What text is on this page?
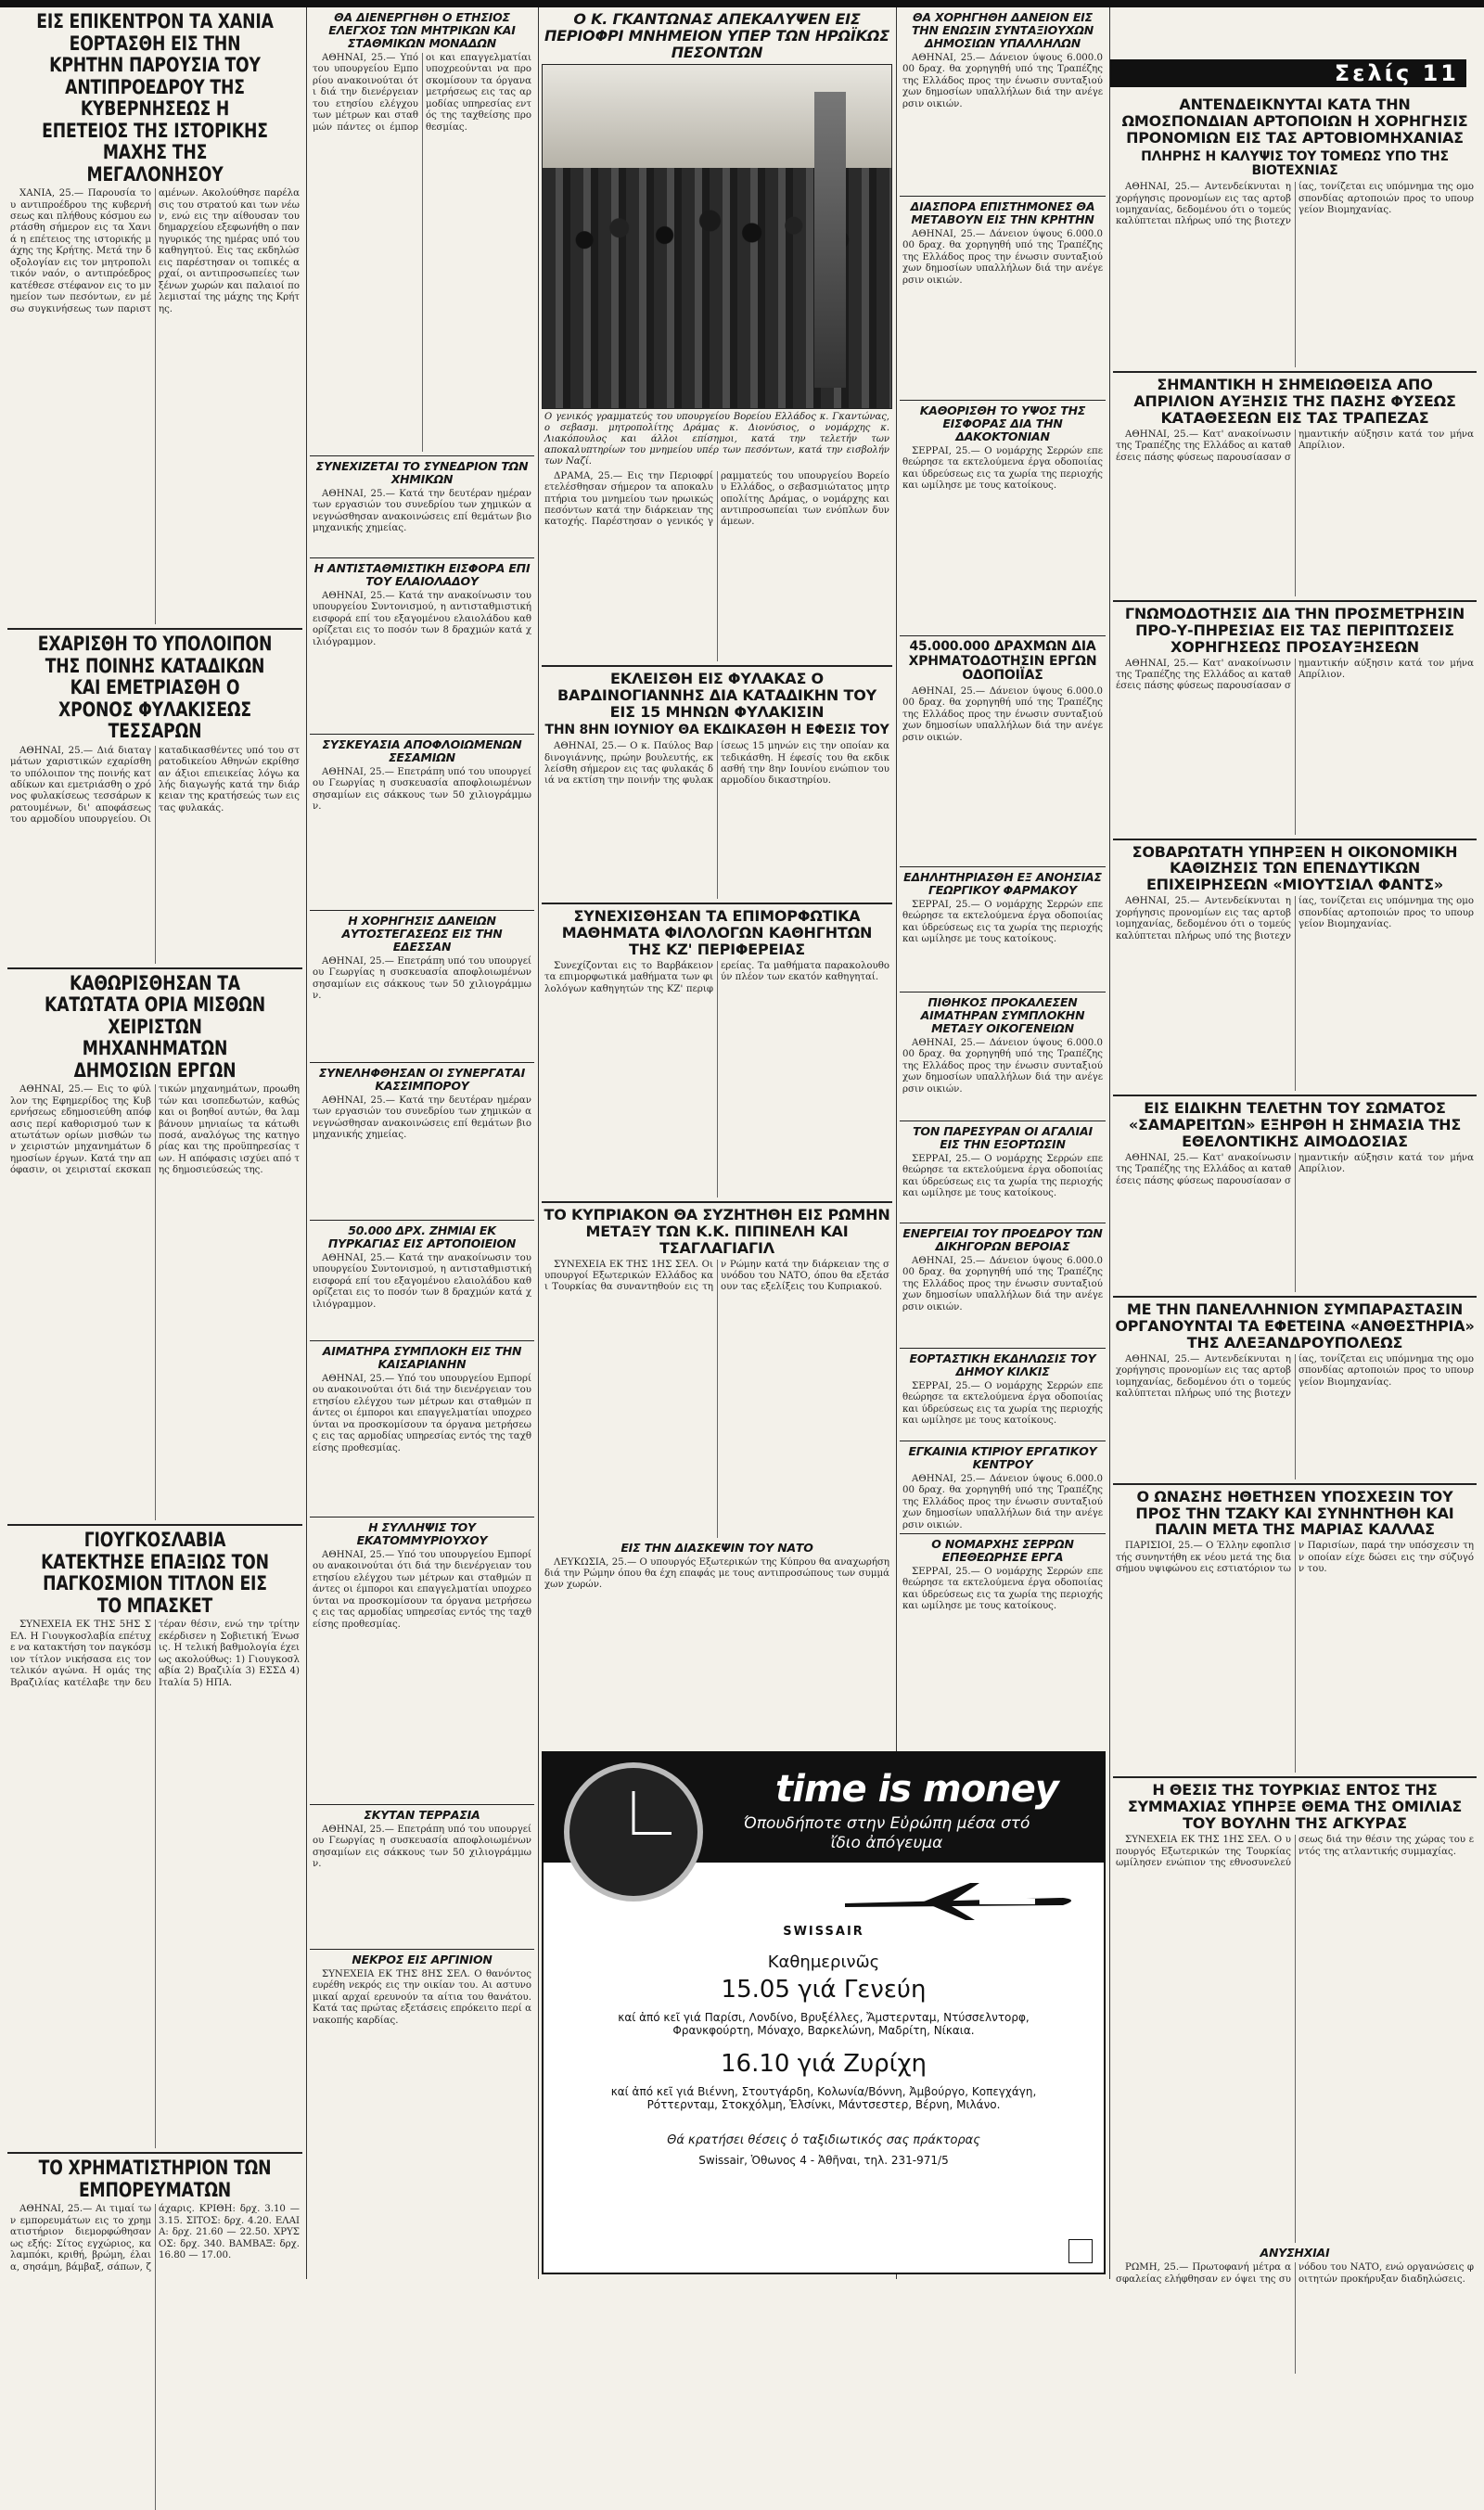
ΕΙΣ ΕΠΙΚΕΝΤΡΟΝ ΤΑ ΧΑΝΙΑ ΕΟΡΤΑΣΘΗ ΕΙΣ ΤΗΝ ΚΡΗΤΗΝ ΠΑΡΟΥΣΙΑ ΤΟΥ ΑΝΤΙΠΡΟΕΔΡΟΥ ΤΗΣ ΚΥΒΕΡΝΗΣΕΩΣ Η ΕΠΕΤΕΙΟΣ ΤΗΣ ΙΣΤΟΡΙΚΗΣ ΜΑΧΗΣ ΤΗΣ ΜΕΓΑΛΟΝΗΣΟΥ
ΧΑΝΙΑ, 25.— Παρουσία του αντιπροέδρου της κυβερνήσεως και πλήθους κόσμου εωρτάσθη σήμερον εις τα Χανιά η επέτειος της ιστορικής μάχης της Κρήτης. Μετά την δοξολογίαν εις τον μητροπολιτικόν ναόν, ο αντιπρόεδρος κατέθεσε στέφανον εις το μνημείον των πεσόντων, εν μέσω συγκινήσεως των παρισταμένων. Ακολούθησε παρέλασις του στρατού και των νέων, ενώ εις την αίθουσαν του δημαρχείου εξεφωνήθη ο πανηγυρικός της ημέρας υπό του καθηγητού. Εις τας εκδηλώσεις παρέστησαν οι τοπικές αρχαί, οι αντιπροσωπείες των ξένων χωρών και παλαιοί πολεμισταί της μάχης της Κρήτης.
ΕΧΑΡΙΣΘΗ ΤΟ ΥΠΟΛΟΙΠΟΝ ΤΗΣ ΠΟΙΝΗΣ ΚΑΤΑΔΙΚΩΝ ΚΑΙ ΕΜΕΤΡΙΑΣΘΗ Ο ΧΡΟΝΟΣ ΦΥΛΑΚΙΣΕΩΣ ΤΕΣΣΑΡΩΝ
ΑΘΗΝΑΙ, 25.— Διά διαταγμάτων χαριστικών εχαρίσθη το υπόλοιπον της ποινής καταδίκων και εμετριάσθη ο χρόνος φυλακίσεως τεσσάρων κρατουμένων, δι' αποφάσεως του αρμοδίου υπουργείου. Οι καταδικασθέντες υπό του στρατοδικείου Αθηνών εκρίθησαν άξιοι επιεικείας λόγω καλής διαγωγής κατά την διάρκειαν της κρατήσεώς των εις τας φυλακάς.
ΚΑΘΩΡΙΣΘΗΣΑΝ ΤΑ ΚΑΤΩΤΑΤΑ ΟΡΙΑ ΜΙΣΘΩΝ ΧΕΙΡΙΣΤΩΝ ΜΗΧΑΝΗΜΑΤΩΝ ΔΗΜΟΣΙΩΝ ΕΡΓΩΝ
ΑΘΗΝΑΙ, 25.— Εις το φύλλον της Εφημερίδος της Κυβερνήσεως εδημοσιεύθη απόφασις περί καθορισμού των κατωτάτων ορίων μισθών των χειριστών μηχανημάτων δημοσίων έργων. Κατά την απόφασιν, οι χειρισταί εκσκαπτικών μηχανημάτων, προωθητών και ισοπεδωτών, καθώς και οι βοηθοί αυτών, θα λαμβάνουν μηνιαίως τα κάτωθι ποσά, αναλόγως της κατηγορίας και της προϋπηρεσίας των. Η απόφασις ισχύει από της δημοσιεύσεώς της.
ΓΙΟΥΓΚΟΣΛΑΒΙΑ ΚΑΤΕΚΤΗΣΕ ΕΠΑΞΙΩΣ ΤΟΝ ΠΑΓΚΟΣΜΙΟΝ ΤΙΤΛΟΝ ΕΙΣ ΤΟ ΜΠΑΣΚΕΤ
ΣΥΝΕΧΕΙΑ ΕΚ ΤΗΣ 5ΗΣ ΣΕΛ. Η Γιουγκοσλαβία επέτυχε να κατακτήση τον παγκόσμιον τίτλον νικήσασα εις τον τελικόν αγώνα. Η ομάς της Βραζιλίας κατέλαβε την δευτέραν θέσιν, ενώ την τρίτην εκέρδισεν η Σοβιετική Ένωσις. Η τελική βαθμολογία έχει ως ακολούθως: 1) Γιουγκοσλαβία 2) Βραζιλία 3) ΕΣΣΔ 4) Ιταλία 5) ΗΠΑ.
ΤΟ ΧΡΗΜΑΤΙΣΤΗΡΙΟΝ ΤΩΝ ΕΜΠΟΡΕΥΜΑΤΩΝ
ΑΘΗΝΑΙ, 25.— Αι τιμαί των εμπορευμάτων εις το χρηματιστήριον διεμορφώθησαν ως εξής: Σίτος εγχώριος, καλαμπόκι, κριθή, βρώμη, έλαια, σησάμη, βάμβαξ, σάπων, ζάχαρις. ΚΡΙΘΗ: δρχ. 3.10 — 3.15. ΣΙΤΟΣ: δρχ. 4.20. ΕΛΑΙΑ: δρχ. 21.60 — 22.50. ΧΡΥΣΟΣ: δρχ. 340. ΒΑΜΒΑΞ: δρχ. 16.80 — 17.00.
ΘΑ ΔΙΕΝΕΡΓΗΘΗ Ο ΕΤΗΣΙΟΣ ΕΛΕΓΧΟΣ ΤΩΝ ΜΗΤΡΙΚΩΝ ΚΑΙ ΣΤΑΘΜΙΚΩΝ ΜΟΝΑΔΩΝ
ΑΘΗΝΑΙ, 25.— Υπό του υπουργείου Εμπορίου ανακοινούται ότι διά την διενέργειαν του ετησίου ελέγχου των μέτρων και σταθμών πάντες οι έμποροι και επαγγελματίαι υποχρεούνται να προσκομίσουν τα όργανα μετρήσεως εις τας αρμοδίας υπηρεσίας εντός της ταχθείσης προθεσμίας.
ΣΥΝΕΧΙΖΕΤΑΙ ΤΟ ΣΥΝΕΔΡΙΟΝ ΤΩΝ ΧΗΜΙΚΩΝ
ΑΘΗΝΑΙ, 25.— Κατά την δευτέραν ημέραν των εργασιών του συνεδρίου των χημικών ανεγνώσθησαν ανακοινώσεις επί θεμάτων βιομηχανικής χημείας.
Η ΑΝΤΙΣΤΑΘΜΙΣΤΙΚΗ ΕΙΣΦΟΡΑ ΕΠΙ ΤΟΥ ΕΛΑΙΟΛΑΔΟΥ
ΑΘΗΝΑΙ, 25.— Κατά την ανακοίνωσιν του υπουργείου Συντονισμού, η αντισταθμιστική εισφορά επί του εξαγομένου ελαιολάδου καθορίζεται εις το ποσόν των 8 δραχμών κατά χιλιόγραμμον.
ΣΥΣΚΕΥΑΣΙΑ ΑΠΟΦΛΟΙΩΜΕΝΩΝ ΣΕΣΑΜΙΩΝ
ΑΘΗΝΑΙ, 25.— Επετράπη υπό του υπουργείου Γεωργίας η συσκευασία αποφλοιωμένων σησαμίων εις σάκκους των 50 χιλιογράμμων.
Η ΧΟΡΗΓΗΣΙΣ ΔΑΝΕΙΩΝ ΑΥΤΟΣΤΕΓΑΣΕΩΣ ΕΙΣ ΤΗΝ ΕΔΕΣΣΑΝ
ΑΘΗΝΑΙ, 25.— Επετράπη υπό του υπουργείου Γεωργίας η συσκευασία αποφλοιωμένων σησαμίων εις σάκκους των 50 χιλιογράμμων.
ΣΥΝΕΛΗΦΘΗΣΑΝ ΟΙ ΣΥΝΕΡΓΑΤΑΙ ΚΑΣΣΙΜΠΟΡΟΥ
ΑΘΗΝΑΙ, 25.— Κατά την δευτέραν ημέραν των εργασιών του συνεδρίου των χημικών ανεγνώσθησαν ανακοινώσεις επί θεμάτων βιομηχανικής χημείας.
50.000 ΔΡΧ. ΖΗΜΙΑΙ ΕΚ ΠΥΡΚΑΓΙΑΣ ΕΙΣ ΑΡΤΟΠΟΙΕΙΟΝ
ΑΘΗΝΑΙ, 25.— Κατά την ανακοίνωσιν του υπουργείου Συντονισμού, η αντισταθμιστική εισφορά επί του εξαγομένου ελαιολάδου καθορίζεται εις το ποσόν των 8 δραχμών κατά χιλιόγραμμον.
ΑΙΜΑΤΗΡΑ ΣΥΜΠΛΟΚΗ ΕΙΣ ΤΗΝ ΚΑΙΣΑΡΙΑΝΗΝ
ΑΘΗΝΑΙ, 25.— Υπό του υπουργείου Εμπορίου ανακοινούται ότι διά την διενέργειαν του ετησίου ελέγχου των μέτρων και σταθμών πάντες οι έμποροι και επαγγελματίαι υποχρεούνται να προσκομίσουν τα όργανα μετρήσεως εις τας αρμοδίας υπηρεσίας εντός της ταχθείσης προθεσμίας.
Η ΣΥΛΛΗΨΙΣ ΤΟΥ ΕΚΑΤΟΜΜΥΡΙΟΥΧΟΥ
ΑΘΗΝΑΙ, 25.— Υπό του υπουργείου Εμπορίου ανακοινούται ότι διά την διενέργειαν του ετησίου ελέγχου των μέτρων και σταθμών πάντες οι έμποροι και επαγγελματίαι υποχρεούνται να προσκομίσουν τα όργανα μετρήσεως εις τας αρμοδίας υπηρεσίας εντός της ταχθείσης προθεσμίας.
ΣΚΥΤΑΝ ΤΕΡΡΑΣΙΑ
ΑΘΗΝΑΙ, 25.— Επετράπη υπό του υπουργείου Γεωργίας η συσκευασία αποφλοιωμένων σησαμίων εις σάκκους των 50 χιλιογράμμων.
ΝΕΚΡΟΣ ΕΙΣ ΑΡΓΙΝΙΟΝ
ΣΥΝΕΧΕΙΑ ΕΚ ΤΗΣ 8ΗΣ ΣΕΛ. Ο θανόντος ευρέθη νεκρός εις την οικίαν του. Αι αστυνομικαί αρχαί ερευνούν τα αίτια του θανάτου. Κατά τας πρώτας εξετάσεις επρόκειτο περί ανακοπής καρδίας.
Ο Κ. ΓΚΑΝΤΩΝΑΣ ΑΠΕΚΑΛΥΨΕΝ ΕΙΣ ΠΕΡΙΟΦΡΙ ΜΝΗΜΕΙΟΝ ΥΠΕΡ ΤΩΝ ΗΡΩΪΚΩΣ ΠΕΣΟΝΤΩΝ
Ο γενικός γραμματεύς του υπουργείου Βορείου Ελλάδος κ. Γκαντώνας, ο σεβασμ. μητροπολίτης Δράμας κ. Διονύσιος, ο νομάρχης κ. Λιακόπουλος και άλλοι επίσημοι, κατά την τελετήν των αποκαλυπτηρίων του μνημείου υπέρ των πεσόντων, κατά την εισβολήν των Ναζί.
ΔΡΑΜΑ, 25.— Εις την Περιοφρί ετελέσθησαν σήμερον τα αποκαλυπτήρια του μνημείου των ηρωικώς πεσόντων κατά την διάρκειαν της κατοχής. Παρέστησαν ο γενικός γραμματεύς του υπουργείου Βορείου Ελλάδος, ο σεβασμιώτατος μητροπολίτης Δράμας, ο νομάρχης και αντιπροσωπείαι των ενόπλων δυνάμεων.
ΕΚΛΕΙΣΘΗ ΕΙΣ ΦΥΛΑΚΑΣ Ο ΒΑΡΔΙΝΟΓΙΑΝΝΗΣ ΔΙΑ ΚΑΤΑΔΙΚΗΝ ΤΟΥ ΕΙΣ 15 ΜΗΝΩΝ ΦΥΛΑΚΙΣΙΝ
ΤΗΝ 8ΗΝ ΙΟΥΝΙΟΥ ΘΑ ΕΚΔΙΚΑΣΘΗ Η ΕΦΕΣΙΣ ΤΟΥ
ΑΘΗΝΑΙ, 25.— Ο κ. Παύλος Βαρδινογιάννης, πρώην βουλευτής, εκλείσθη σήμερον εις τας φυλακάς διά να εκτίση την ποινήν της φυλακίσεως 15 μηνών εις την οποίαν κατεδικάσθη. Η έφεσίς του θα εκδικασθή την 8ην Ιουνίου ενώπιον του αρμοδίου δικαστηρίου.
ΣΥΝΕΧΙΣΘΗΣΑΝ ΤΑ ΕΠΙΜΟΡΦΩΤΙΚΑ ΜΑΘΗΜΑΤΑ ΦΙΛΟΛΟΓΩΝ ΚΑΘΗΓΗΤΩΝ ΤΗΣ ΚΖ' ΠΕΡΙΦΕΡΕΙΑΣ
Συνεχίζονται εις το Βαρβάκειον τα επιμορφωτικά μαθήματα των φιλολόγων καθηγητών της ΚΖ' περιφερείας. Τα μαθήματα παρακολουθούν πλέον των εκατόν καθηγηταί.
ΤΟ ΚΥΠΡΙΑΚΟΝ ΘΑ ΣΥΖΗΤΗΘΗ ΕΙΣ ΡΩΜΗΝ ΜΕΤΑΞΥ ΤΩΝ Κ.Κ. ΠΙΠΙΝΕΛΗ ΚΑΙ ΤΣΑΓΛΑΓΙΑΓΙΛ
ΣΥΝΕΧΕΙΑ ΕΚ ΤΗΣ 1ΗΣ ΣΕΛ. Οι υπουργοί Εξωτερικών Ελλάδος και Τουρκίας θα συναντηθούν εις την Ρώμην κατά την διάρκειαν της συνόδου του ΝΑΤΟ, όπου θα εξετάσουν τας εξελίξεις του Κυπριακού.
ΕΙΣ ΤΗΝ ΔΙΑΣΚΕΨΙΝ ΤΟΥ ΝΑΤΟ
ΛΕΥΚΩΣΙΑ, 25.— Ο υπουργός Εξωτερικών της Κύπρου θα αναχωρήση διά την Ρώμην όπου θα έχη επαφάς με τους αντιπροσώπους των συμμάχων χωρών.
ΘΑ ΧΟΡΗΓΗΘΗ ΔΑΝΕΙΟΝ ΕΙΣ ΤΗΝ ΕΝΩΣΙΝ ΣΥΝΤΑΞΙΟΥΧΩΝ ΔΗΜΟΣΙΩΝ ΥΠΑΛΛΗΛΩΝ
ΑΘΗΝΑΙ, 25.— Δάνειον ύψους 6.000.000 δραχ. θα χορηγηθή υπό της Τραπέζης της Ελλάδος προς την ένωσιν συνταξιούχων δημοσίων υπαλλήλων διά την ανέγερσιν οικιών.
ΔΙΑΣΠΟΡΑ ΕΠΙΣΤΗΜΟΝΕΣ ΘΑ ΜΕΤΑΒΟΥΝ ΕΙΣ ΤΗΝ ΚΡΗΤΗΝ
ΑΘΗΝΑΙ, 25.— Δάνειον ύψους 6.000.000 δραχ. θα χορηγηθή υπό της Τραπέζης της Ελλάδος προς την ένωσιν συνταξιούχων δημοσίων υπαλλήλων διά την ανέγερσιν οικιών.
ΚΑΘΟΡΙΣΘΗ ΤΟ ΥΨΟΣ ΤΗΣ ΕΙΣΦΟΡΑΣ ΔΙΑ ΤΗΝ ΔΑΚΟΚΤΟΝΙΑΝ
ΣΕΡΡΑΙ, 25.— Ο νομάρχης Σερρών επεθεώρησε τα εκτελούμενα έργα οδοποιίας και ύδρεύσεως εις τα χωρία της περιοχής και ωμίλησε με τους κατοίκους.
45.000.000 ΔΡΑΧΜΩΝ ΔΙΑ ΧΡΗΜΑΤΟΔΟΤΗΣΙΝ ΕΡΓΩΝ ΟΔΟΠΟΙΪΑΣ
ΑΘΗΝΑΙ, 25.— Δάνειον ύψους 6.000.000 δραχ. θα χορηγηθή υπό της Τραπέζης της Ελλάδος προς την ένωσιν συνταξιούχων δημοσίων υπαλλήλων διά την ανέγερσιν οικιών.
ΕΔΗΛΗΤΗΡΙΑΣΘΗ ΕΞ ΑΝΟΗΣΙΑΣ ΓΕΩΡΓΙΚΟΥ ΦΑΡΜΑΚΟΥ
ΣΕΡΡΑΙ, 25.— Ο νομάρχης Σερρών επεθεώρησε τα εκτελούμενα έργα οδοποιίας και ύδρεύσεως εις τα χωρία της περιοχής και ωμίλησε με τους κατοίκους.
ΠΙΘΗΚΟΣ ΠΡΟΚΑΛΕΣΕΝ ΑΙΜΑΤΗΡΑΝ ΣΥΜΠΛΟΚΗΝ ΜΕΤΑΞΥ ΟΙΚΟΓΕΝΕΙΩΝ
ΑΘΗΝΑΙ, 25.— Δάνειον ύψους 6.000.000 δραχ. θα χορηγηθή υπό της Τραπέζης της Ελλάδος προς την ένωσιν συνταξιούχων δημοσίων υπαλλήλων διά την ανέγερσιν οικιών.
ΤΟΝ ΠΑΡΕΣΥΡΑΝ ΟΙ ΑΓΑΛΙΑΙ ΕΙΣ ΤΗΝ ΕΞΟΡΤΩΣΙΝ
ΣΕΡΡΑΙ, 25.— Ο νομάρχης Σερρών επεθεώρησε τα εκτελούμενα έργα οδοποιίας και ύδρεύσεως εις τα χωρία της περιοχής και ωμίλησε με τους κατοίκους.
ΕΝΕΡΓΕΙΑΙ ΤΟΥ ΠΡΟΕΔΡΟΥ ΤΩΝ ΔΙΚΗΓΟΡΩΝ ΒΕΡΟΙΑΣ
ΑΘΗΝΑΙ, 25.— Δάνειον ύψους 6.000.000 δραχ. θα χορηγηθή υπό της Τραπέζης της Ελλάδος προς την ένωσιν συνταξιούχων δημοσίων υπαλλήλων διά την ανέγερσιν οικιών.
ΕΟΡΤΑΣΤΙΚΗ ΕΚΔΗΛΩΣΙΣ ΤΟΥ ΔΗΜΟΥ ΚΙΛΚΙΣ
ΣΕΡΡΑΙ, 25.— Ο νομάρχης Σερρών επεθεώρησε τα εκτελούμενα έργα οδοποιίας και ύδρεύσεως εις τα χωρία της περιοχής και ωμίλησε με τους κατοίκους.
ΕΓΚΑΙΝΙΑ ΚΤΙΡΙΟΥ ΕΡΓΑΤΙΚΟΥ ΚΕΝΤΡΟΥ
ΑΘΗΝΑΙ, 25.— Δάνειον ύψους 6.000.000 δραχ. θα χορηγηθή υπό της Τραπέζης της Ελλάδος προς την ένωσιν συνταξιούχων δημοσίων υπαλλήλων διά την ανέγερσιν οικιών.
Ο ΝΟΜΑΡΧΗΣ ΣΕΡΡΩΝ ΕΠΕΘΕΩΡΗΣΕ ΕΡΓΑ
ΣΕΡΡΑΙ, 25.— Ο νομάρχης Σερρών επεθεώρησε τα εκτελούμενα έργα οδοποιίας και ύδρεύσεως εις τα χωρία της περιοχής και ωμίλησε με τους κατοίκους.
ΑΝΤΕΝΔΕΙΚΝΥΤΑΙ ΚΑΤΑ ΤΗΝ ΩΜΟΣΠΟΝΔΙΑΝ ΑΡΤΟΠΟΙΩΝ Η ΧΟΡΗΓΗΣΙΣ ΠΡΟΝΟΜΙΩΝ ΕΙΣ ΤΑΣ ΑΡΤΟΒΙΟΜΗΧΑΝΙΑΣ
ΠΛΗΡΗΣ Η ΚΑΛΥΨΙΣ ΤΟΥ ΤΟΜΕΩΣ ΥΠΟ ΤΗΣ ΒΙΟΤΕΧΝΙΑΣ
ΑΘΗΝΑΙ, 25.— Αντενδείκνυται η χορήγησις προνομίων εις τας αρτοβιομηχανίας, δεδομένου ότι ο τομεύς καλύπτεται πλήρως υπό της βιοτεχνίας, τονίζεται εις υπόμνημα της ομοσπονδίας αρτοποιών προς το υπουργείον Βιομηχανίας.
ΣΗΜΑΝΤΙΚΗ Η ΣΗΜΕΙΩΘΕΙΣΑ ΑΠΟ ΑΠΡΙΛΙΟΝ ΑΥΞΗΣΙΣ ΤΗΣ ΠΑΣΗΣ ΦΥΣΕΩΣ ΚΑΤΑΘΕΣΕΩΝ ΕΙΣ ΤΑΣ ΤΡΑΠΕΖΑΣ
ΑΘΗΝΑΙ, 25.— Κατ' ανακοίνωσιν της Τραπέζης της Ελλάδος αι καταθέσεις πάσης φύσεως παρουσίασαν σημαντικήν αύξησιν κατά τον μήνα Απρίλιον.
ΓΝΩΜΟΔΟΤΗΣΙΣ ΔΙΑ ΤΗΝ ΠΡΟΣΜΕΤΡΗΣΙΝ ΠΡΟ-Υ-ΠΗΡΕΣΙΑΣ ΕΙΣ ΤΑΣ ΠΕΡΙΠΤΩΣΕΙΣ ΧΟΡΗΓΗΣΕΩΣ ΠΡΟΣΑΥΞΗΣΕΩΝ
ΑΘΗΝΑΙ, 25.— Κατ' ανακοίνωσιν της Τραπέζης της Ελλάδος αι καταθέσεις πάσης φύσεως παρουσίασαν σημαντικήν αύξησιν κατά τον μήνα Απρίλιον.
ΣΟΒΑΡΩΤΑΤΗ ΥΠΗΡΞΕΝ Η ΟΙΚΟΝΟΜΙΚΗ ΚΑΘΙΖΗΣΙΣ ΤΩΝ ΕΠΕΝΔΥΤΙΚΩΝ ΕΠΙΧΕΙΡΗΣΕΩΝ «ΜΙΟΥΤΣΙΑΛ ΦΑΝΤΣ»
ΑΘΗΝΑΙ, 25.— Αντενδείκνυται η χορήγησις προνομίων εις τας αρτοβιομηχανίας, δεδομένου ότι ο τομεύς καλύπτεται πλήρως υπό της βιοτεχνίας, τονίζεται εις υπόμνημα της ομοσπονδίας αρτοποιών προς το υπουργείον Βιομηχανίας.
ΕΙΣ ΕΙΔΙΚΗΝ ΤΕΛΕΤΗΝ ΤΟΥ ΣΩΜΑΤΟΣ «ΣΑΜΑΡΕΙΤΩΝ» ΕΞΗΡΘΗ Η ΣΗΜΑΣΙΑ ΤΗΣ ΕΘΕΛΟΝΤΙΚΗΣ ΑΙΜΟΔΟΣΙΑΣ
ΑΘΗΝΑΙ, 25.— Κατ' ανακοίνωσιν της Τραπέζης της Ελλάδος αι καταθέσεις πάσης φύσεως παρουσίασαν σημαντικήν αύξησιν κατά τον μήνα Απρίλιον.
ΜΕ ΤΗΝ ΠΑΝΕΛΛΗΝΙΟΝ ΣΥΜΠΑΡΑΣΤΑΣΙΝ ΟΡΓΑΝΟΥΝΤΑΙ ΤΑ ΕΦΕΤΕΙΝΑ «ΑΝΘΕΣΤΗΡΙΑ» ΤΗΣ ΑΛΕΞΑΝΔΡΟΥΠΟΛΕΩΣ
ΑΘΗΝΑΙ, 25.— Αντενδείκνυται η χορήγησις προνομίων εις τας αρτοβιομηχανίας, δεδομένου ότι ο τομεύς καλύπτεται πλήρως υπό της βιοτεχνίας, τονίζεται εις υπόμνημα της ομοσπονδίας αρτοποιών προς το υπουργείον Βιομηχανίας.
Ο ΩΝΑΣΗΣ ΗΘΕΤΗΣΕΝ ΥΠΟΣΧΕΣΙΝ ΤΟΥ ΠΡΟΣ ΤΗΝ ΤΖΑΚΥ ΚΑΙ ΣΥΝΗΝΤΗΘΗ ΚΑΙ ΠΑΛΙΝ ΜΕΤΑ ΤΗΣ ΜΑΡΙΑΣ ΚΑΛΛΑΣ
ΠΑΡΙΣΙΟΙ, 25.— Ο Έλλην εφοπλιστής συνηντήθη εκ νέου μετά της διασήμου υψιφώνου εις εστιατόριον των Παρισίων, παρά την υπόσχεσιν την οποίαν είχε δώσει εις την σύζυγόν του.
Η ΘΕΣΙΣ ΤΗΣ ΤΟΥΡΚΙΑΣ ΕΝΤΟΣ ΤΗΣ ΣΥΜΜΑΧΙΑΣ ΥΠΗΡΞΕ ΘΕΜΑ ΤΗΣ ΟΜΙΛΙΑΣ ΤΟΥ ΒΟΥΛΗΝ ΤΗΣ ΑΓΚΥΡΑΣ
ΣΥΝΕΧΕΙΑ ΕΚ ΤΗΣ 1ΗΣ ΣΕΛ. Ο υπουργός Εξωτερικών της Τουρκίας ωμίλησεν ενώπιον της εθνοσυνελεύσεως διά την θέσιν της χώρας του εντός της ατλαντικής συμμαχίας.
ΑΝΥΣΗΧΙΑΙ
ΡΩΜΗ, 25.— Πρωτοφανή μέτρα ασφαλείας ελήφθησαν εν όψει της συνόδου του ΝΑΤΟ, ενώ οργανώσεις φοιτητών προκήρυξαν διαδηλώσεις.
Σελίς 11
time is money
Όπουδήποτε στην Εὐρώπη μέσα στό ἴδιο ἀπόγευμα
SWISSAIR
Καθημερινῶς
15.05 γιά Γενεύη
καί ἀπό κεῖ γιά Παρίσι, Λονδίνο, Βρυξέλλες, Ἄμστερνταμ, Ντύσσελντορφ, Φρανκφούρτη, Μόναχο, Βαρκελώνη, Μαδρίτη, Νίκαια.
16.10 γιά Ζυρίχη
καί ἀπό κεῖ γιά Βιέννη, Στουτγάρδη, Κολωνία/Βόννη, Ἀμβούργο, Κοπεγχάγη, Ρόττερνταμ, Στοκχόλμη, Ἑλσίνκι, Μάντσεστερ, Βέρνη, Μιλάνο.
Θά κρατήσει θέσεις ὁ ταξιδιωτικός σας πράκτορας
Swissair, Ὁθωνος 4 - Ἀθῆναι, τηλ. 231-971/5
